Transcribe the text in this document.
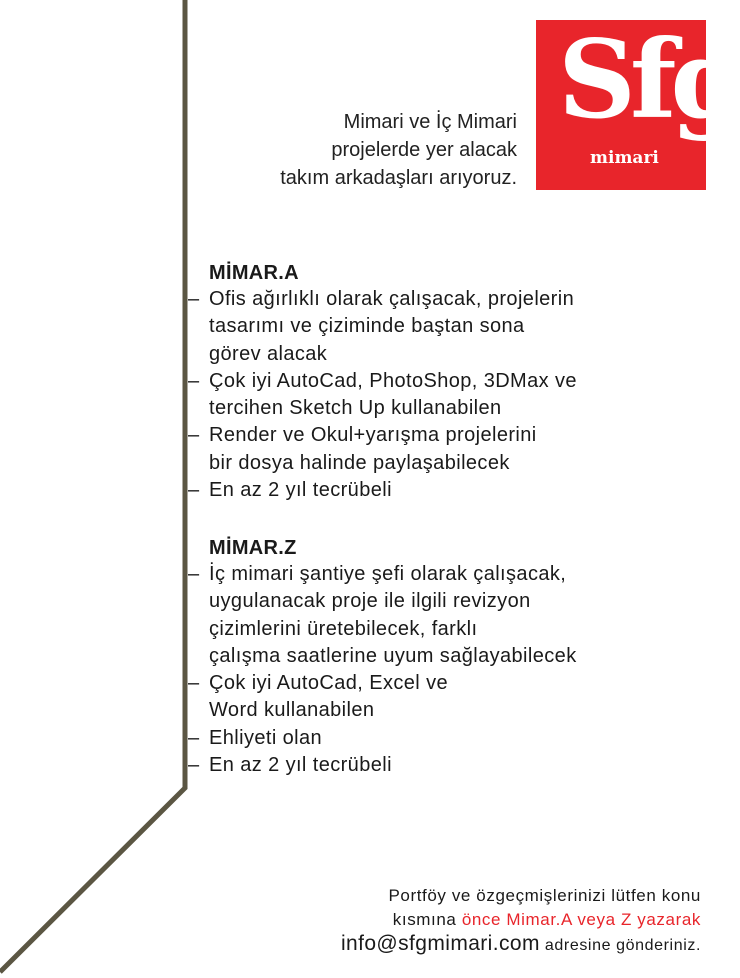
Sfg
mimari
Mimari ve İç Mimari
projelerde yer alacak
takım arkadaşları arıyoruz.
MİMAR.A
– Ofis ağırlıklı olarak çalışacak, projelerin
tasarımı ve çiziminde baştan sona
görev alacak
– Çok iyi AutoCad, PhotoShop, 3DMax ve
tercihen Sketch Up kullanabilen
– Render ve Okul+yarışma projelerini
bir dosya halinde paylaşabilecek
– En az 2 yıl tecrübeli
MİMAR.Z
– İç mimari şantiye şefi olarak çalışacak,
uygulanacak proje ile ilgili revizyon
çizimlerini üretebilecek, farklı
çalışma saatlerine uyum sağlayabilecek
– Çok iyi AutoCad, Excel ve
Word kullanabilen
– Ehliyeti olan
– En az 2 yıl tecrübeli
Portföy ve özgeçmişlerinizi lütfen konu
kısmına önce Mimar.A veya Z yazarak
info@sfgmimari.com adresine gönderiniz.
